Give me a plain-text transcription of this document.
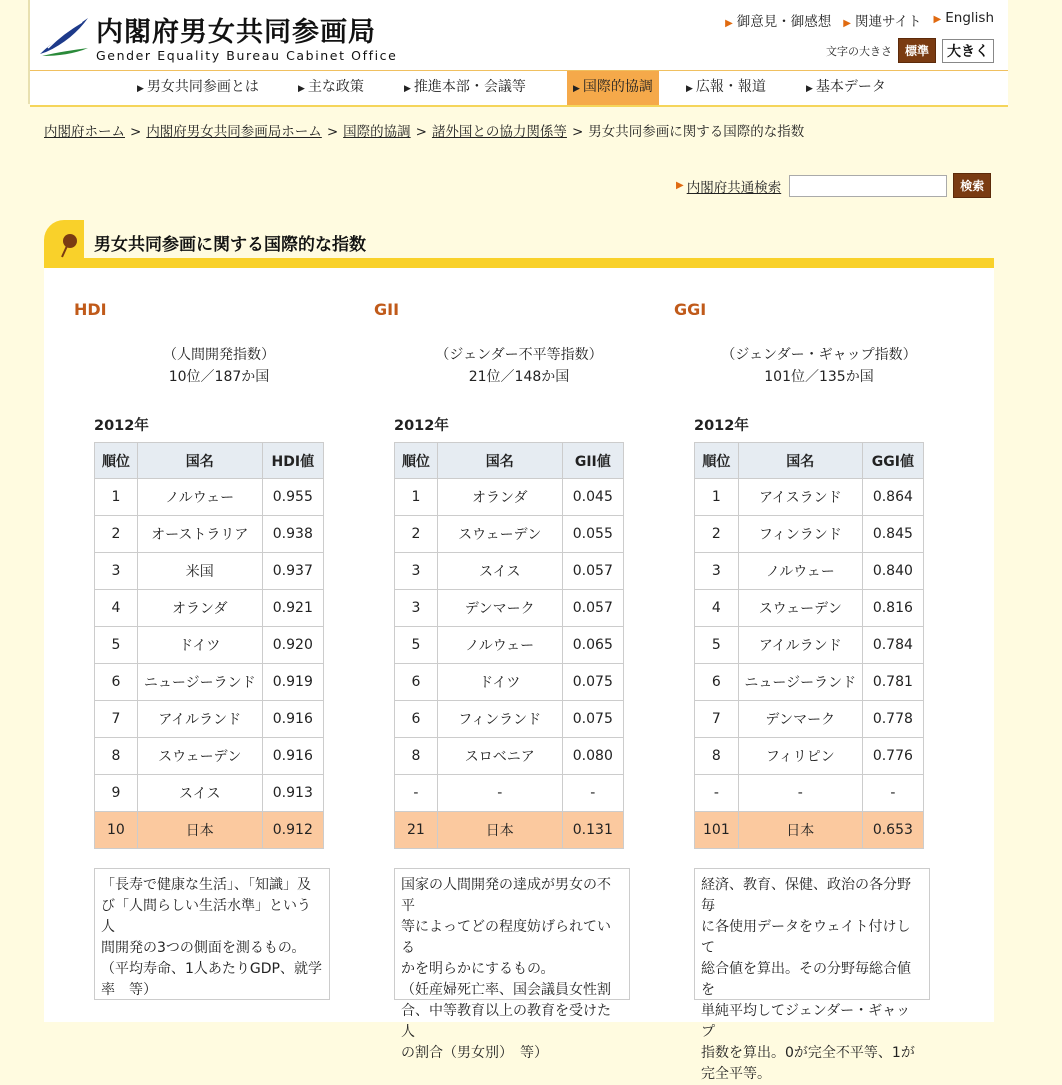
内閣府男女共同参画局
Gender Equality Bureau Cabinet Office
▶ 御意見・御感想 ▶ 関連サイト ▶ English
文字の大きさ	標準	大きく
▶ 男女共同参画とは	▶ 主な政策	▶ 推進本部・会議等	▶ 国際的協調	▶ 広報・報道	▶ 基本データ
内閣府ホーム > 内閣府男女共同参画局ホーム > 国際的協調 > 諸外国との協力関係等 > 男女共同参画に関する国際的な指数
▶ 内閣府共通検索	検索
男女共同参画に関する国際的な指数
HDI
（人間開発指数）
10位／187か国
2012年
順位	国名	HDI値
1	ノルウェー	0.955
2	オーストラリア	0.938
3	米国	0.937
4	オランダ	0.921
5	ドイツ	0.920
6	ニュージーランド	0.919
7	アイルランド	0.916
8	スウェーデン	0.916
9	スイス	0.913
10	日本	0.912
「長寿で健康な生活」、「知識」及
び「人間らしい生活水準」という人
間開発の3つの側面を測るもの。
（平均寿命、1人あたりGDP、就学
率　等）
GII
（ジェンダー不平等指数）
21位／148か国
2012年
順位	国名	GII値
1	オランダ	0.045
2	スウェーデン	0.055
3	スイス	0.057
3	デンマーク	0.057
5	ノルウェー	0.065
6	ドイツ	0.075
6	フィンランド	0.075
8	スロベニア	0.080
-	-	-
21	日本	0.131
国家の人間開発の達成が男女の不平
等によってどの程度妨げられている
かを明らかにするもの。
（妊産婦死亡率、国会議員女性割
合、中等教育以上の教育を受けた人
の割合（男女別）　等）
GGI
（ジェンダー・ギャップ指数）
101位／135か国
2012年
順位	国名	GGI値
1	アイスランド	0.864
2	フィンランド	0.845
3	ノルウェー	0.840
4	スウェーデン	0.816
5	アイルランド	0.784
6	ニュージーランド	0.781
7	デンマーク	0.778
8	フィリピン	0.776
-	-	-
101	日本	0.653
経済、教育、保健、政治の各分野毎
に各使用データをウェイト付けして
総合値を算出。その分野毎総合値を
単純平均してジェンダー・ギャップ
指数を算出。0が完全不平等、1が
完全平等。
